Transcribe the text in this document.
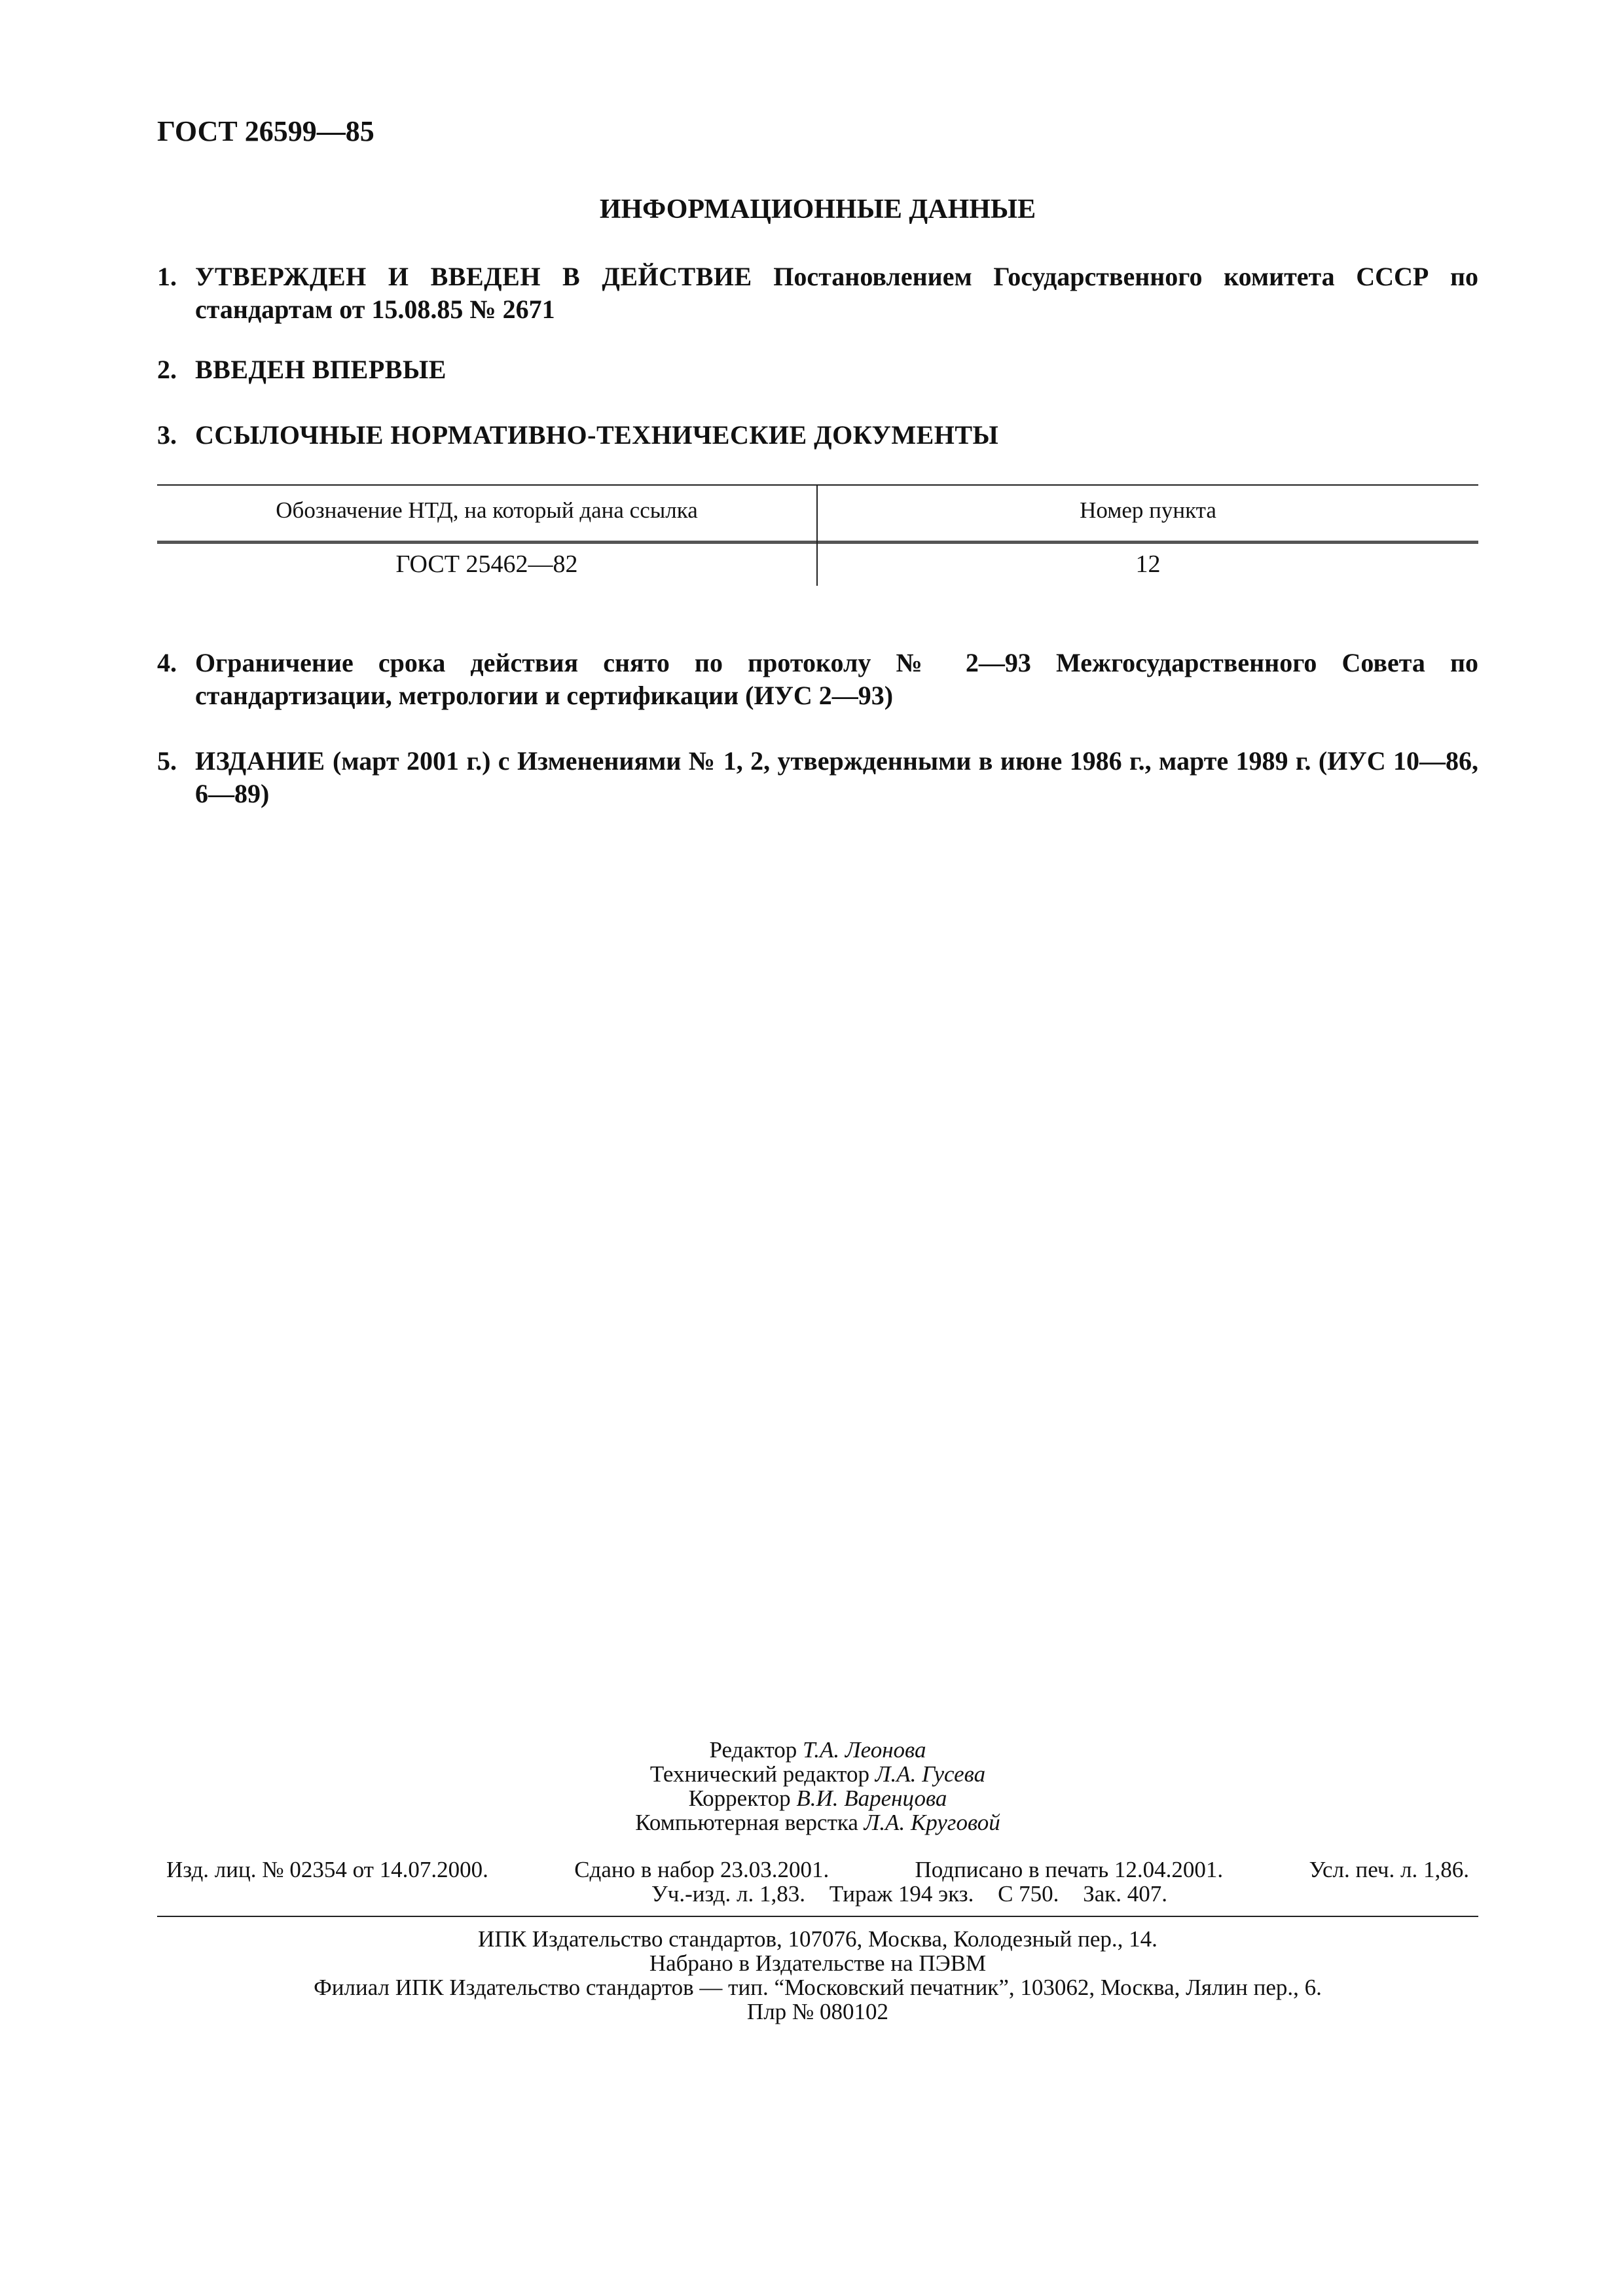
ГОСТ 26599—85
ИНФОРМАЦИОННЫЕ ДАННЫЕ
1. УТВЕРЖДЕН И ВВЕДЕН В ДЕЙСТВИЕ Постановлением Государственного комитета СССР по стандартам от 15.08.85 № 2671
2. ВВЕДЕН ВПЕРВЫЕ
3. ССЫЛОЧНЫЕ НОРМАТИВНО-ТЕХНИЧЕСКИЕ ДОКУМЕНТЫ
Обозначение НТД, на который дана ссылка	Номер пункта
ГОСТ 25462—82	12
4. Ограничение срока действия снято по протоколу № 2—93 Межгосударственного Совета по стандартизации, метрологии и сертификации (ИУС 2—93)
5. ИЗДАНИЕ (март 2001 г.) с Изменениями № 1, 2, утвержденными в июне 1986 г., марте 1989 г. (ИУС 10—86, 6—89)
Редактор Т.А. Леонова
Технический редактор Л.А. Гусева
Корректор В.И. Варенцова
Компьютерная верстка Л.А. Круговой
Изд. лиц. № 02354 от 14.07.2000.	Сдано в набор 23.03.2001.	Подписано в печать 12.04.2001.	Усл. печ. л. 1,86.
Уч.-изд. л. 1,83. Тираж 194 экз. С 750. Зак. 407.
ИПК Издательство стандартов, 107076, Москва, Колодезный пер., 14.
Набрано в Издательстве на ПЭВМ
Филиал ИПК Издательство стандартов — тип. “Московский печатник”, 103062, Москва, Лялин пер., 6.
Плр № 080102
